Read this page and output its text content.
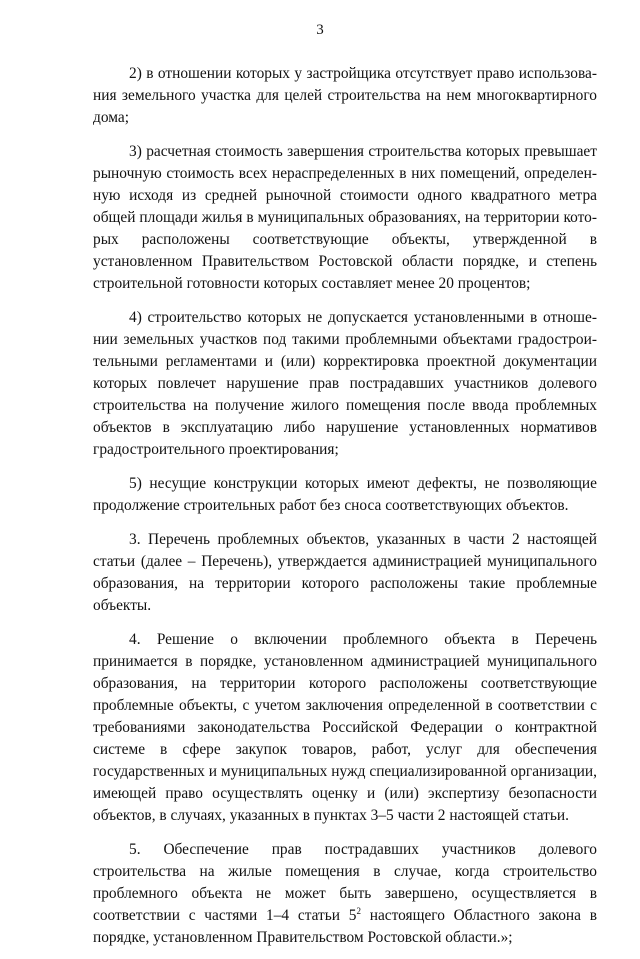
3

2) в отношении которых у застройщика отсутствует право использования земельного участка для целей строительства на нем многоквартирного дома;

3) расчетная стоимость завершения строительства которых превышает рыночную стоимость всех нераспределенных в них помещений, определенную исходя из средней рыночной стоимости одного квадратного метра общей площади жилья в муниципальных образованиях, на территории которых расположены соответствующие объекты, утвержденной в установленном Правительством Ростовской области порядке, и степень строительной готовности которых составляет менее 20 процентов;

4) строительство которых не допускается установленными в отношении земельных участков под такими проблемными объектами градостроительными регламентами и (или) корректировка проектной документации которых повлечет нарушение прав пострадавших участников долевого строительства на получение жилого помещения после ввода проблемных объектов в эксплуатацию либо нарушение установленных нормативов градостроительного проектирования;

5) несущие конструкции которых имеют дефекты, не позволяющие продолжение строительных работ без сноса соответствующих объектов.

3. Перечень проблемных объектов, указанных в части 2 настоящей статьи (далее – Перечень), утверждается администрацией муниципального образования, на территории которого расположены такие проблемные объекты.

4. Решение о включении проблемного объекта в Перечень принимается в порядке, установленном администрацией муниципального образования, на территории которого расположены соответствующие проблемные объекты, с учетом заключения определенной в соответствии с требованиями законодательства Российской Федерации о контрактной системе в сфере закупок товаров, работ, услуг для обеспечения государственных и муниципальных нужд специализированной организации, имеющей право осуществлять оценку и (или) экспертизу безопасности объектов, в случаях, указанных в пунктах 3–5 части 2 настоящей статьи.

5. Обеспечение прав пострадавших участников долевого строительства на жилые помещения в случае, когда строительство проблемного объекта не может быть завершено, осуществляется в соответствии с частями 1–4 статьи $5^2$ настоящего Областного закона в порядке, установленном Правительством Ростовской области.»;
